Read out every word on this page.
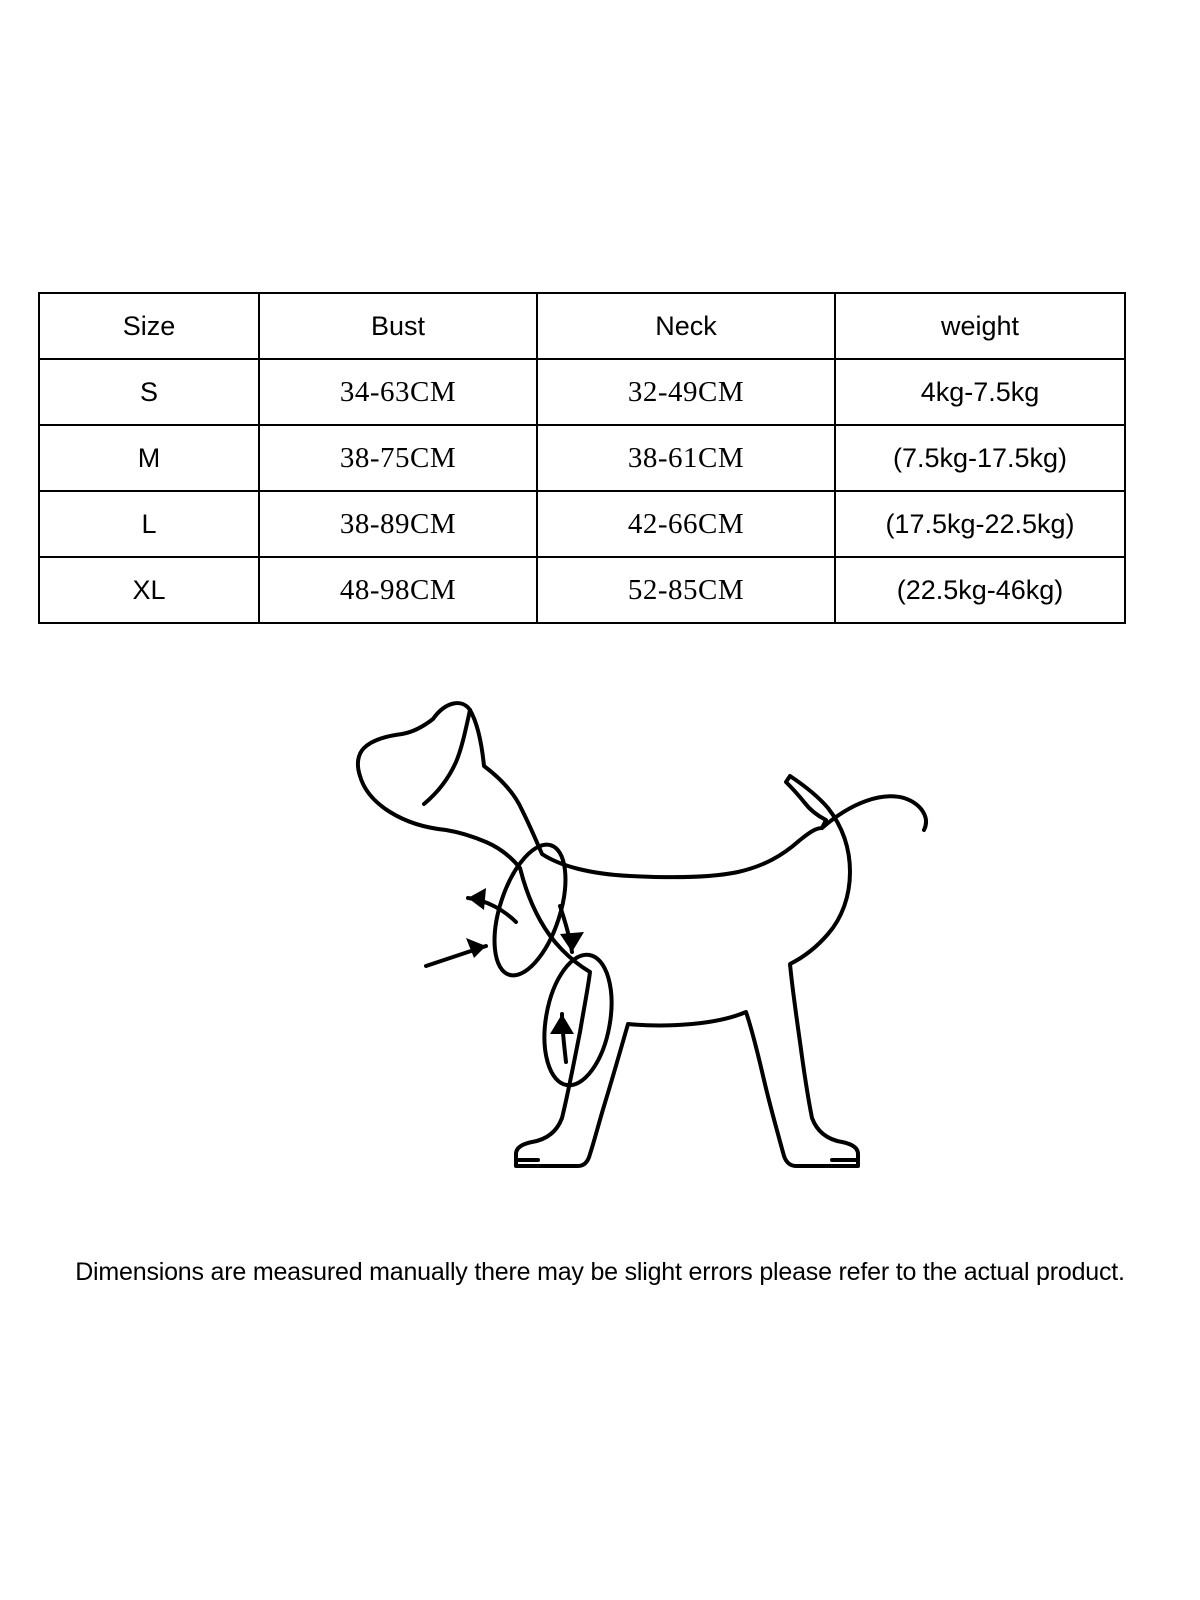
Size	Bust	Neck	weight
S	34-63CM	32-49CM	4kg-7.5kg
M	38-75CM	38-61CM	(7.5kg-17.5kg)
L	38-89CM	42-66CM	(17.5kg-22.5kg)
XL	48-98CM	52-85CM	(22.5kg-46kg)
Dimensions are measured manually there may be slight errors please refer to the actual product.
